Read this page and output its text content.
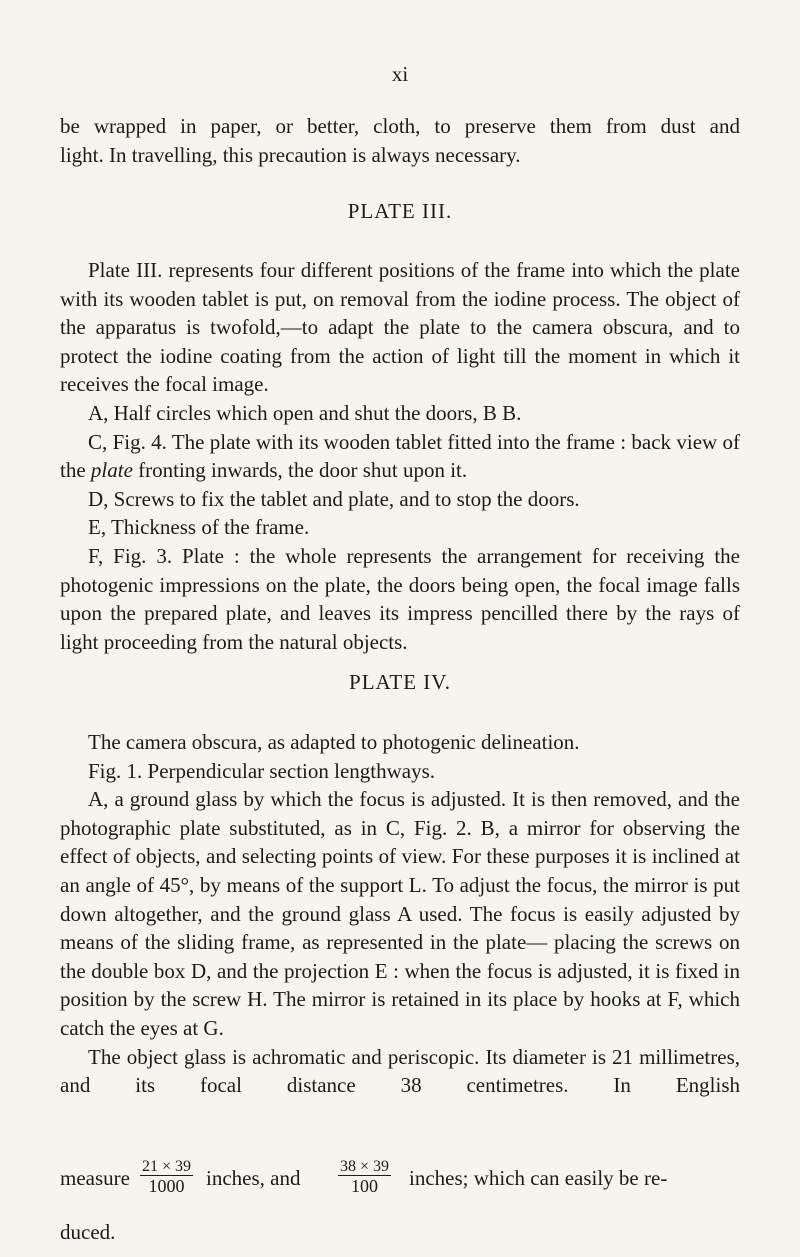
xi
be wrapped in paper, or better, cloth, to preserve them from dust and
light. In travelling, this precaution is always necessary.
PLATE III.

Plate III. represents four different positions of the frame into which the plate with its wooden tablet is put, on removal from the iodine process. The object of the apparatus is twofold,—to adapt the plate to the camera obscura, and to protect the iodine coating from the action of light till the moment in which it receives the focal image.

A, Half circles which open and shut the doors, B B.

C, Fig. 4. The plate with its wooden tablet fitted into the frame : back view of the plate fronting inwards, the door shut upon it.

D, Screws to fix the tablet and plate, and to stop the doors.

E, Thickness of the frame.

F, Fig. 3. Plate : the whole represents the arrangement for receiving the photogenic impressions on the plate, the doors being open, the focal image falls upon the prepared plate, and leaves its impress pencilled there by the rays of light proceeding from the natural objects.

PLATE IV.

The camera obscura, as adapted to photogenic delineation.

Fig. 1. Perpendicular section lengthways.

A, a ground glass by which the focus is adjusted. It is then removed, and the photographic plate substituted, as in C, Fig. 2. B, a mirror for observing the effect of objects, and selecting points of view. For these purposes it is inclined at an angle of 45°, by means of the support L. To adjust the focus, the mirror is put down altogether, and the ground glass A used. The focus is easily adjusted by means of the sliding frame, as represented in the plate— placing the screws on the double box D, and the projection E : when the focus is adjusted, it is fixed in position by the screw H. The mirror is retained in its place by hooks at F, which catch the eyes at G.

The object glass is achromatic and periscopic. Its diameter is 21 millimetres, and its focal distance 38 centimetres. In English

measure $\frac{21 \times 39}{1000}$ inches, and $\frac{38 \times 39}{100}$ inches; which can easily be re-
duced.
